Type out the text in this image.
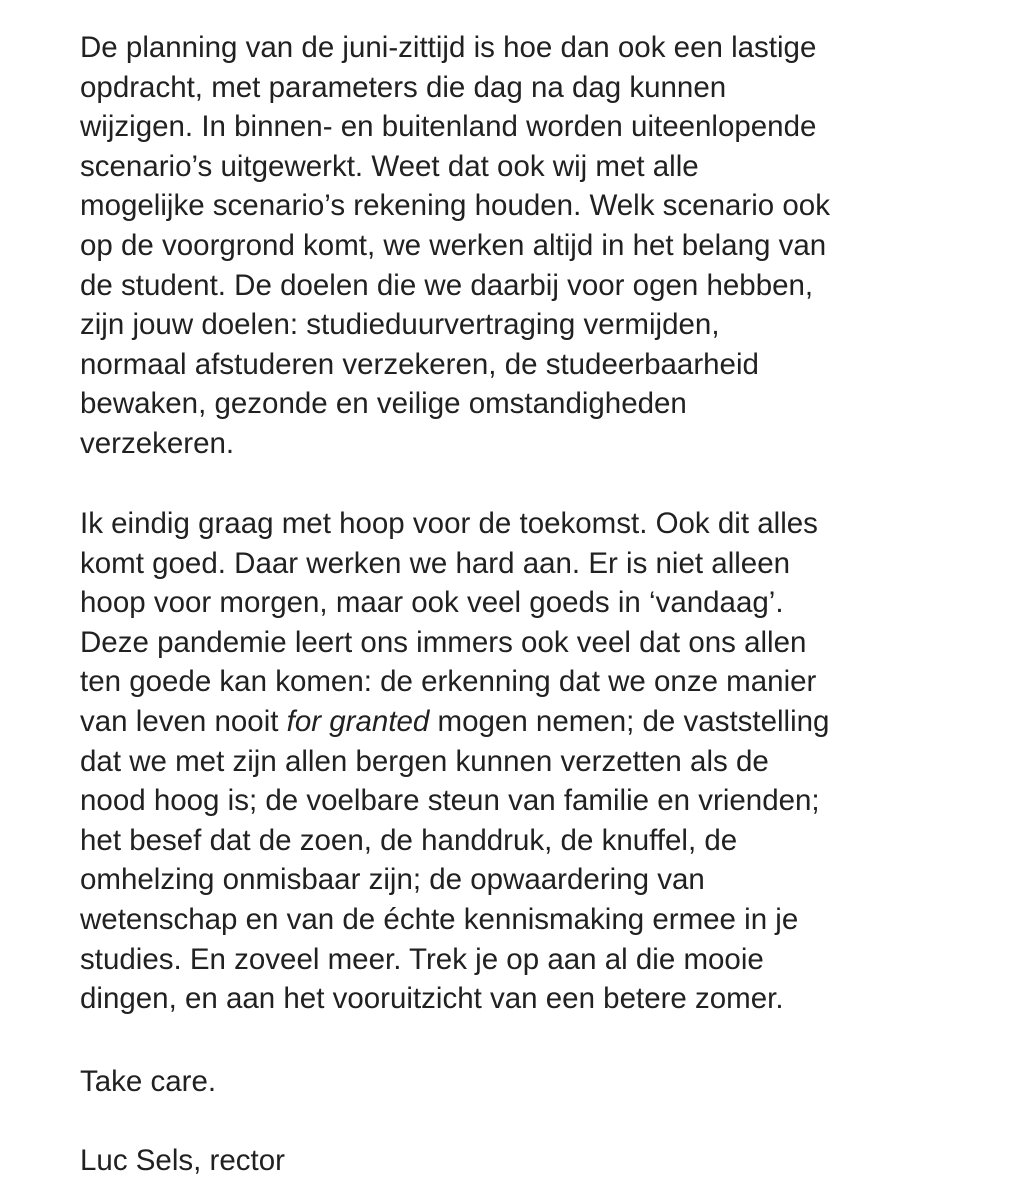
De planning van de juni-zittijd is hoe dan ook een lastige
opdracht, met parameters die dag na dag kunnen
wijzigen. In binnen- en buitenland worden uiteenlopende
scenario’s uitgewerkt. Weet dat ook wij met alle
mogelijke scenario’s rekening houden. Welk scenario ook
op de voorgrond komt, we werken altijd in het belang van
de student. De doelen die we daarbij voor ogen hebben,
zijn jouw doelen: studieduurvertraging vermijden,
normaal afstuderen verzekeren, de studeerbaarheid
bewaken, gezonde en veilige omstandigheden
verzekeren.
Ik eindig graag met hoop voor de toekomst. Ook dit alles
komt goed. Daar werken we hard aan. Er is niet alleen
hoop voor morgen, maar ook veel goeds in ‘vandaag’.
Deze pandemie leert ons immers ook veel dat ons allen
ten goede kan komen: de erkenning dat we onze manier
van leven nooit for granted mogen nemen; de vaststelling
dat we met zijn allen bergen kunnen verzetten als de
nood hoog is; de voelbare steun van familie en vrienden;
het besef dat de zoen, de handdruk, de knuffel, de
omhelzing onmisbaar zijn; de opwaardering van
wetenschap en van de échte kennismaking ermee in je
studies. En zoveel meer. Trek je op aan al die mooie
dingen, en aan het vooruitzicht van een betere zomer.
Take care.
Luc Sels, rector
